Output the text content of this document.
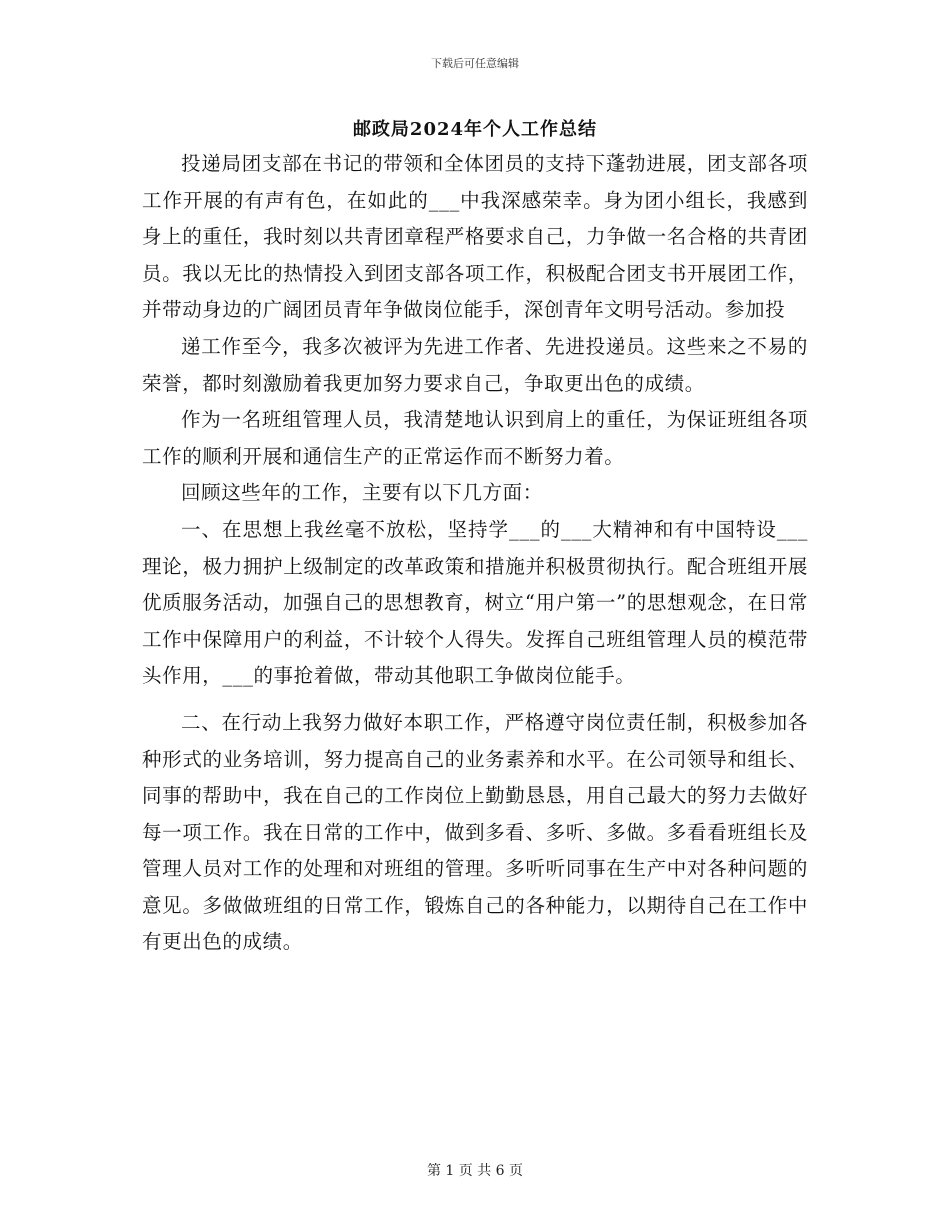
下载后可任意编辑
邮政局2024年个人工作总结

投递局团支部在书记的带领和全体团员的支持下蓬勃进展，团支部各项工作开展的有声有色，在如此的___中我深感荣幸。身为团小组长，我感到身上的重任，我时刻以共青团章程严格要求自己，力争做一名合格的共青团员。我以无比的热情投入到团支部各项工作，积极配合团支书开展团工作，并带动身边的广阔团员青年争做岗位能手，深创青年文明号活动。参加投

递工作至今，我多次被评为先进工作者、先进投递员。这些来之不易的荣誉，都时刻激励着我更加努力要求自己，争取更出色的成绩。

作为一名班组管理人员，我清楚地认识到肩上的重任，为保证班组各项工作的顺利开展和通信生产的正常运作而不断努力着。

回顾这些年的工作，主要有以下几方面：

一、在思想上我丝毫不放松，坚持学___的___大精神和有中国特设___理论，极力拥护上级制定的改革政策和措施并积极贯彻执行。配合班组开展优质服务活动，加强自己的思想教育，树立“用户第一”的思想观念，在日常工作中保障用户的利益，不计较个人得失。发挥自己班组管理人员的模范带头作用，___的事抢着做，带动其他职工争做岗位能手。

二、在行动上我努力做好本职工作，严格遵守岗位责任制，积极参加各种形式的业务培训，努力提高自己的业务素养和水平。在公司领导和组长、同事的帮助中，我在自己的工作岗位上勤勤恳恳，用自己最大的努力去做好每一项工作。我在日常的工作中，做到多看、多听、多做。多看看班组长及管理人员对工作的处理和对班组的管理。多听听同事在生产中对各种问题的意见。多做做班组的日常工作，锻炼自己的各种能力，以期待自己在工作中有更出色的成绩。

第 1 页 共 6 页
